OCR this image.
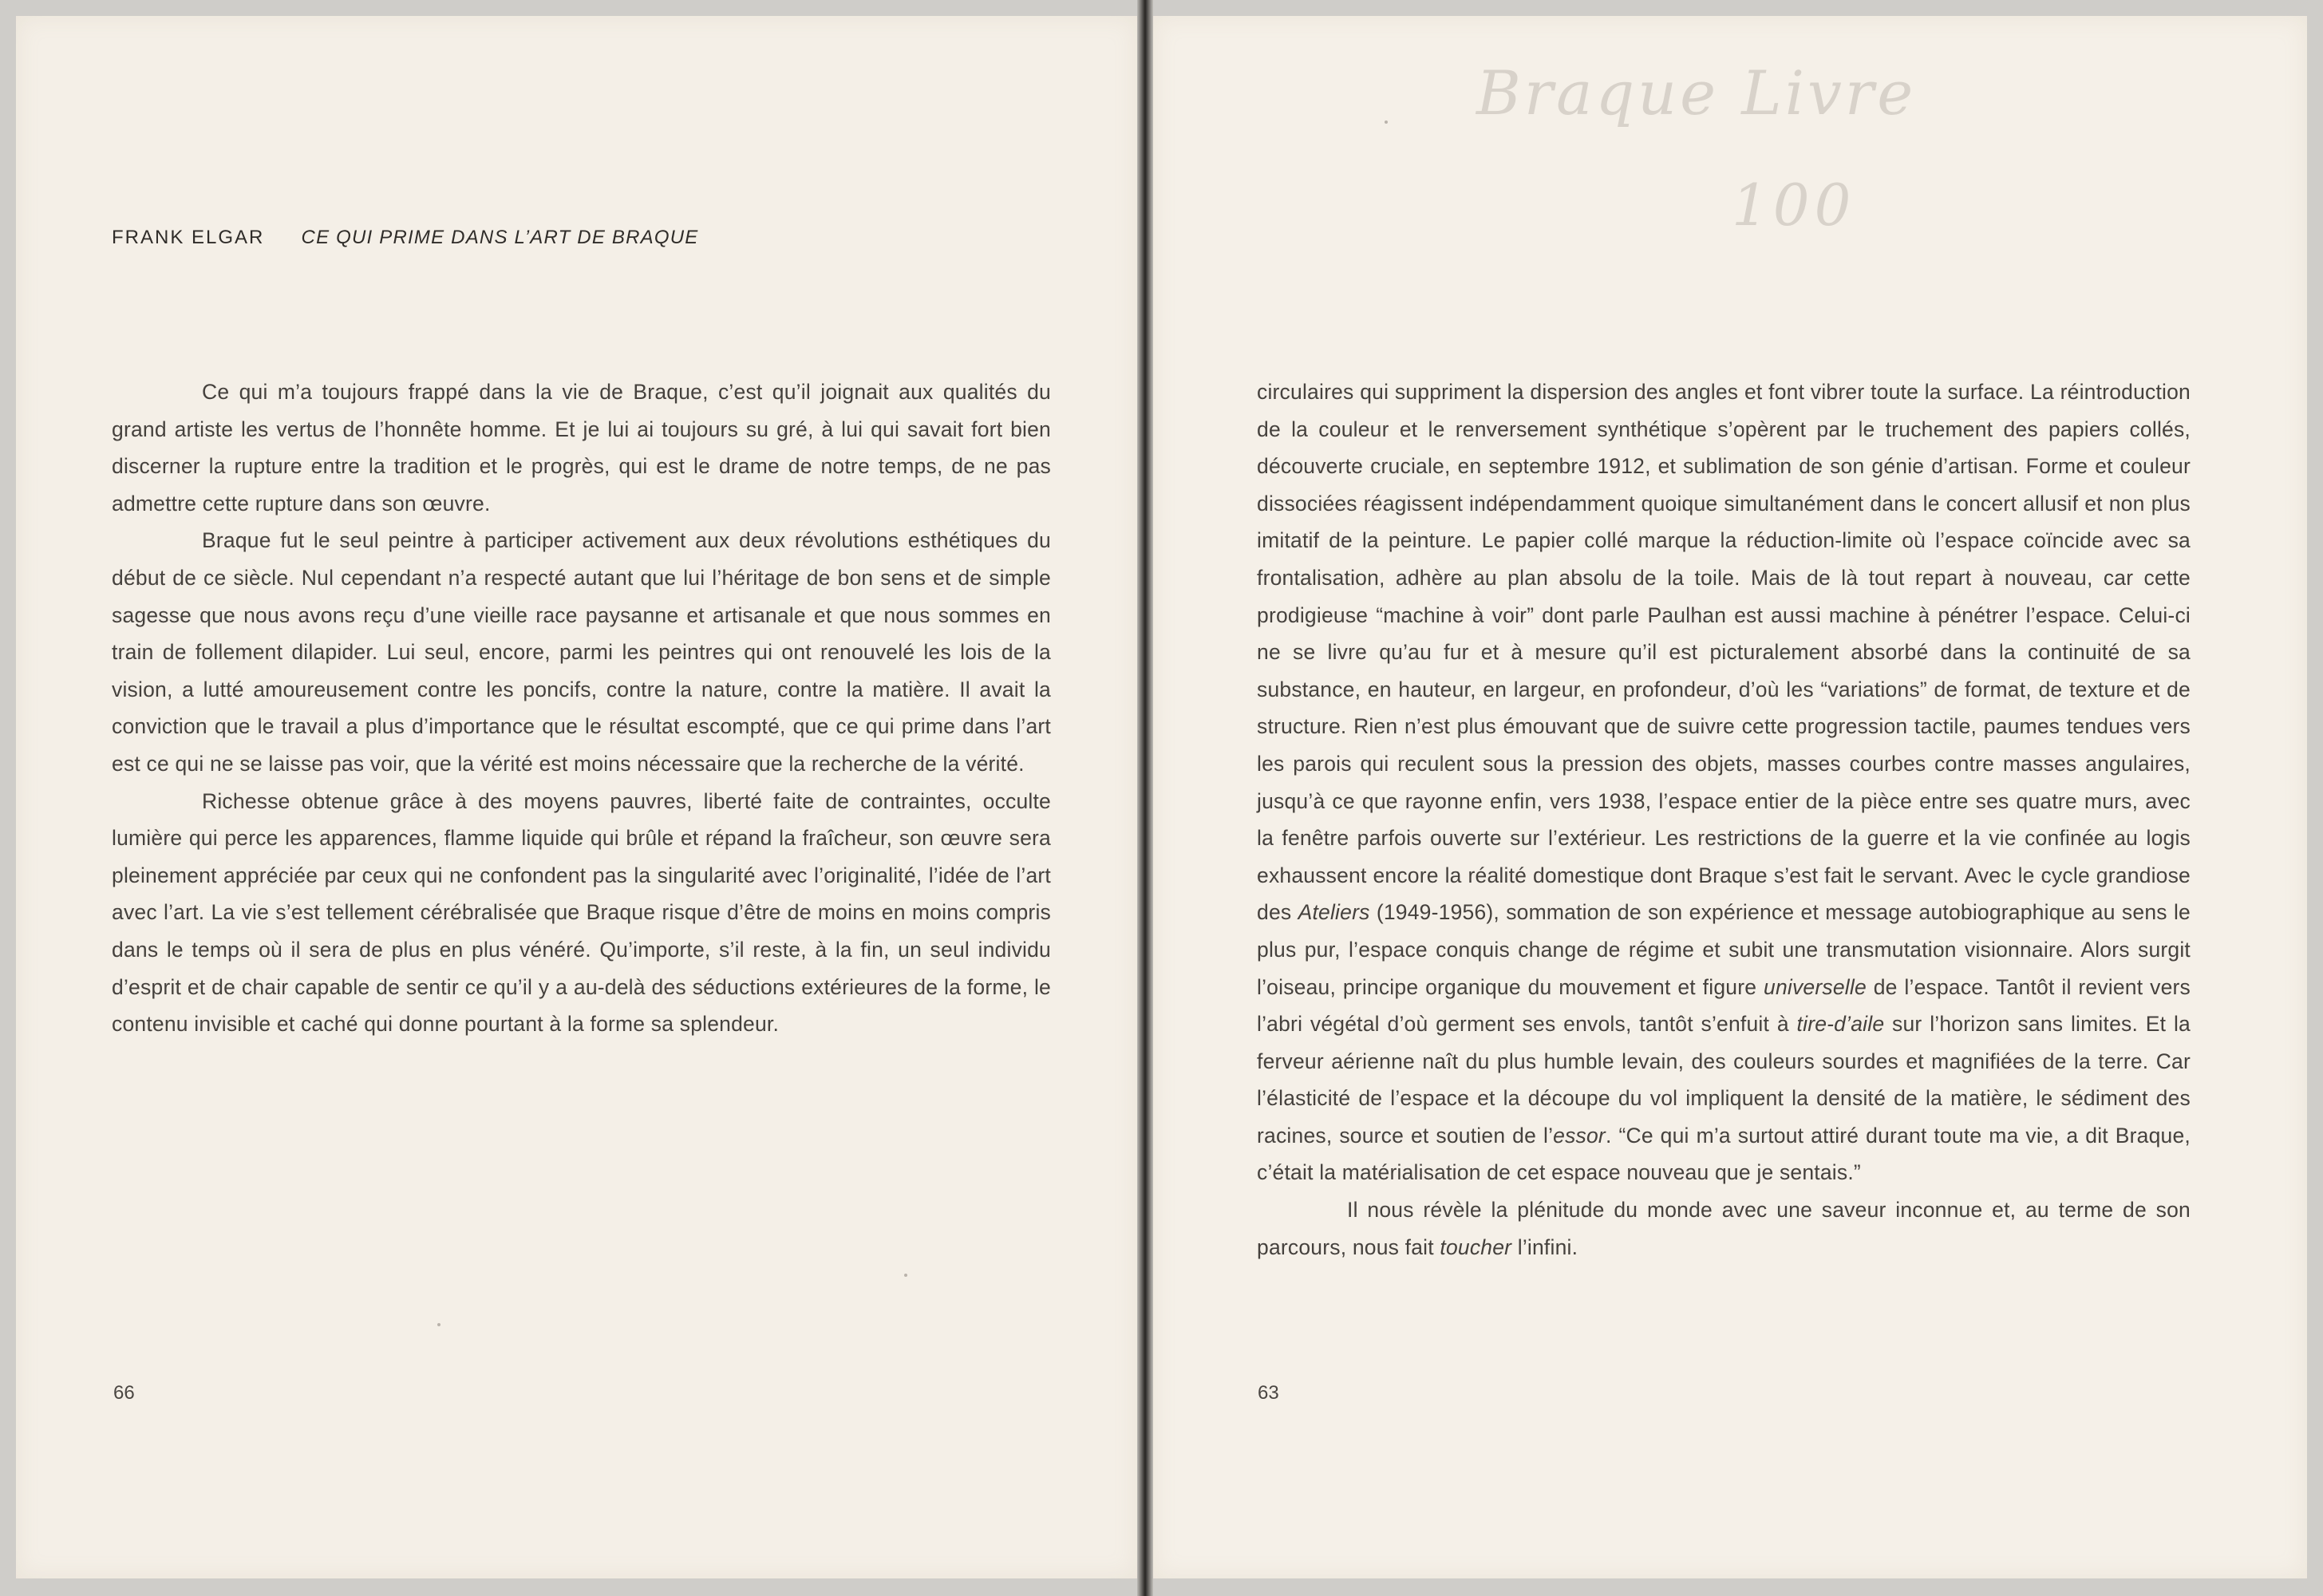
FRANK ELGAR CE QUI PRIME DANS L’ART DE BRAQUE

Ce qui m’a toujours frappé dans la vie de Braque, c’est qu’il joignait aux qualités du grand artiste les vertus de l’honnête homme. Et je lui ai toujours su gré, à lui qui savait fort bien discerner la rupture entre la tradition et le progrès, qui est le drame de notre temps, de ne pas admettre cette rupture dans son œuvre.

Braque fut le seul peintre à participer activement aux deux révolutions esthétiques du début de ce siècle. Nul cependant n’a respecté autant que lui l’héritage de bon sens et de simple sagesse que nous avons reçu d’une vieille race paysanne et artisanale et que nous sommes en train de follement dilapider. Lui seul, encore, parmi les peintres qui ont renouvelé les lois de la vision, a lutté amoureusement contre les poncifs, contre la nature, contre la matière. Il avait la conviction que le travail a plus d’importance que le résultat escompté, que ce qui prime dans l’art est ce qui ne se laisse pas voir, que la vérité est moins nécessaire que la recherche de la vérité.

Richesse obtenue grâce à des moyens pauvres, liberté faite de contraintes, occulte lumière qui perce les apparences, flamme liquide qui brûle et répand la fraîcheur, son œuvre sera pleinement appréciée par ceux qui ne confondent pas la singularité avec l’originalité, l’idée de l’art avec l’art. La vie s’est tellement cérébralisée que Braque risque d’être de moins en moins compris dans le temps où il sera de plus en plus vénéré. Qu’importe, s’il reste, à la fin, un seul individu d’esprit et de chair capable de sentir ce qu’il y a au-delà des séductions extérieures de la forme, le contenu invisible et caché qui donne pourtant à la forme sa splendeur.

66
Braque Livre
100

circulaires qui suppriment la dispersion des angles et font vibrer toute la surface. La réintroduction de la couleur et le renversement synthétique s’opèrent par le truchement des papiers collés, découverte cruciale, en septembre 1912, et sublimation de son génie d’artisan. Forme et couleur dissociées réagissent indépendamment quoique simultanément dans le concert allusif et non plus imitatif de la peinture. Le papier collé marque la réduction-limite où l’espace coïncide avec sa frontalisation, adhère au plan absolu de la toile. Mais de là tout repart à nouveau, car cette prodigieuse “machine à voir” dont parle Paulhan est aussi machine à pénétrer l’espace. Celui-ci ne se livre qu’au fur et à mesure qu’il est picturalement absorbé dans la continuité de sa substance, en hauteur, en largeur, en profondeur, d’où les “variations” de format, de texture et de structure. Rien n’est plus émouvant que de suivre cette progression tactile, paumes tendues vers les parois qui reculent sous la pression des objets, masses courbes contre masses angulaires, jusqu’à ce que rayonne enfin, vers 1938, l’espace entier de la pièce entre ses quatre murs, avec la fenêtre parfois ouverte sur l’extérieur. Les restrictions de la guerre et la vie confinée au logis exhaussent encore la réalité domestique dont Braque s’est fait le servant. Avec le cycle grandiose des Ateliers (1949-1956), sommation de son expérience et message autobiographique au sens le plus pur, l’espace conquis change de régime et subit une transmutation visionnaire. Alors surgit l’oiseau, principe organique du mouvement et figure universelle de l’espace. Tantôt il revient vers l’abri végétal d’où germent ses envols, tantôt s’enfuit à tire-d’aile sur l’horizon sans limites. Et la ferveur aérienne naît du plus humble levain, des couleurs sourdes et magnifiées de la terre. Car l’élasticité de l’espace et la découpe du vol impliquent la densité de la matière, le sédiment des racines, source et soutien de l’essor. “Ce qui m’a surtout attiré durant toute ma vie, a dit Braque, c’était la matérialisation de cet espace nouveau que je sentais.”

Il nous révèle la plénitude du monde avec une saveur inconnue et, au terme de son parcours, nous fait toucher l’infini.

63
